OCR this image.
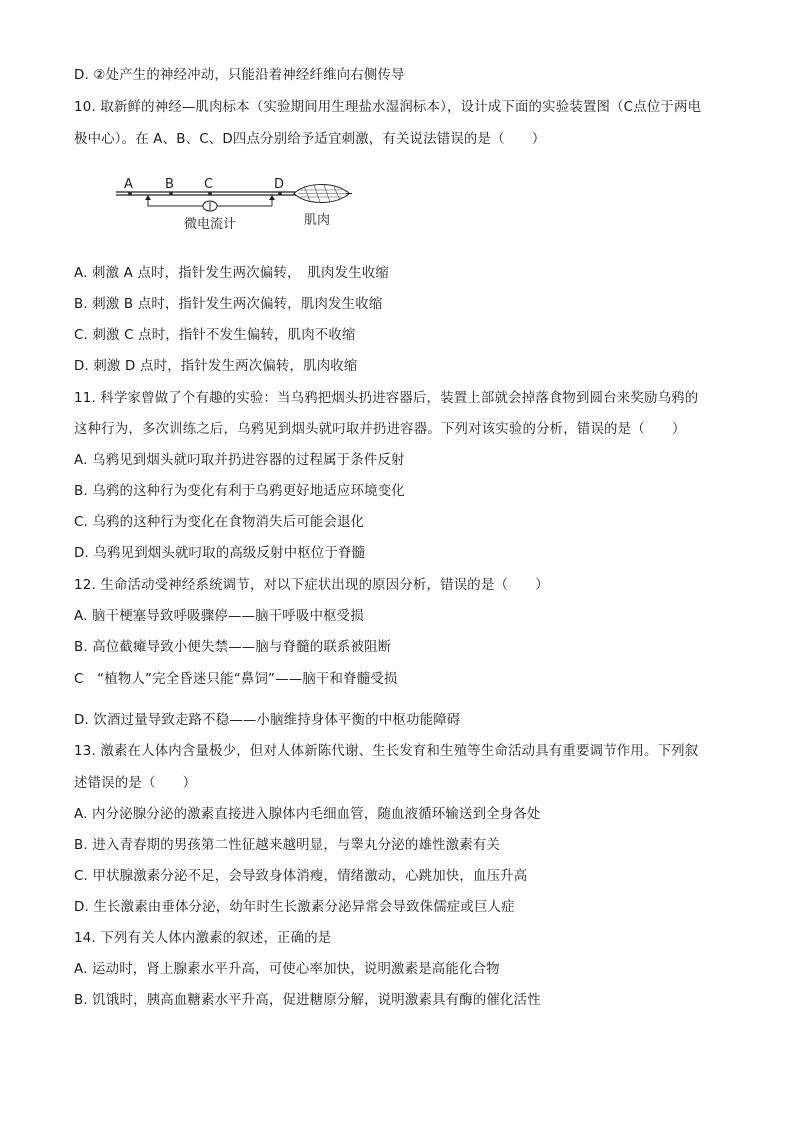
D. ②处产生的神经冲动，只能沿着神经纤维向右侧传导
10. 取新鲜的神经—肌肉标本（实验期间用生理盐水湿润标本），设计成下面的实验装置图（C点位于两电
极中心）。在 A、B、C、D四点分别给予适宜刺激，有关说法错误的是（　　）
A B C	D
微电流计	肌肉
A. 刺激 A 点时，指针发生两次偏转，　肌肉发生收缩
B. 刺激 B 点时，指针发生两次偏转，肌肉发生收缩
C. 刺激 C 点时，指针不发生偏转，肌肉不收缩
D. 刺激 D 点时，指针发生两次偏转，肌肉收缩
11. 科学家曾做了个有趣的实验：当乌鸦把烟头扔进容器后，装置上部就会掉落食物到圆台来奖励乌鸦的
这种行为，多次训练之后，乌鸦见到烟头就叼取并扔进容器。下列对该实验的分析，错误的是（　　）
A. 乌鸦见到烟头就叼取并扔进容器的过程属于条件反射
B. 乌鸦的这种行为变化有利于乌鸦更好地适应环境变化
C. 乌鸦的这种行为变化在食物消失后可能会退化
D. 乌鸦见到烟头就叼取的高级反射中枢位于脊髓
12. 生命活动受神经系统调节，对以下症状出现的原因分析，错误的是（　　）
A. 脑干梗塞导致呼吸骤停——脑干呼吸中枢受损
B. 高位截瘫导致小便失禁——脑与脊髓的联系被阻断
C　“植物人”完全昏迷只能“鼻饲”——脑干和脊髓受损
D. 饮酒过量导致走路不稳——小脑维持身体平衡的中枢功能障碍
13. 激素在人体内含量极少，但对人体新陈代谢、生长发育和生殖等生命活动具有重要调节作用。下列叙
述错误的是（　　）
A. 内分泌腺分泌的激素直接进入腺体内毛细血管，随血液循环输送到全身各处
B. 进入青春期的男孩第二性征越来越明显，与睾丸分泌的雄性激素有关
C. 甲状腺激素分泌不足，会导致身体消瘦，情绪激动，心跳加快，血压升高
D. 生长激素由垂体分泌，幼年时生长激素分泌异常会导致侏儒症或巨人症
14. 下列有关人体内激素的叙述，正确的是
A. 运动时，肾上腺素水平升高，可使心率加快，说明激素是高能化合物
B. 饥饿时，胰高血糖素水平升高，促进糖原分解，说明激素具有酶的催化活性
